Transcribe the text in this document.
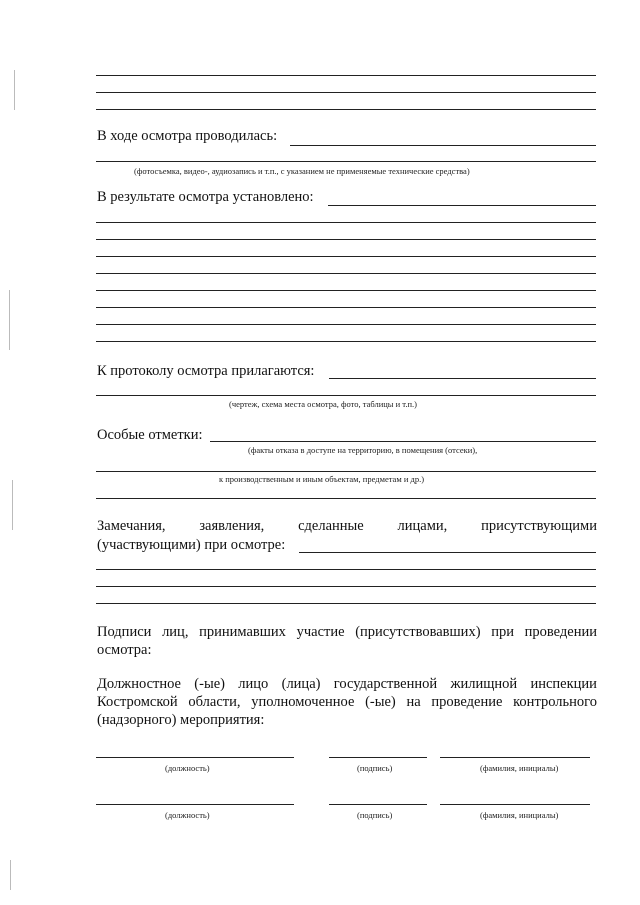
В ходе осмотра проводилась:
(фотосъемка, видео-, аудиозапись и т.п., с указанием не применяемые технические средства)
В результате осмотра установлено:
К протоколу осмотра прилагаются:
(чертеж, схема места осмотра, фото, таблицы и т.п.)
Особые отметки:
(факты отказа в доступе на территорию, в помещения (отсеки),
к производственным и иным объектам, предметам и др.)
Замечания, заявления, сделанные лицами, присутствующими
(участвующими) при осмотре:
Подписи лиц, принимавших участие (присутствовавших) при проведении
осмотра:
Должностное (-ые) лицо (лица) государственной жилищной инспекции
Костромской области, уполномоченное (-ые) на проведение контрольного
(надзорного) мероприятия:
(должность)	(подпись)	(фамилия, инициалы)
(должность)	(подпись)	(фамилия, инициалы)
